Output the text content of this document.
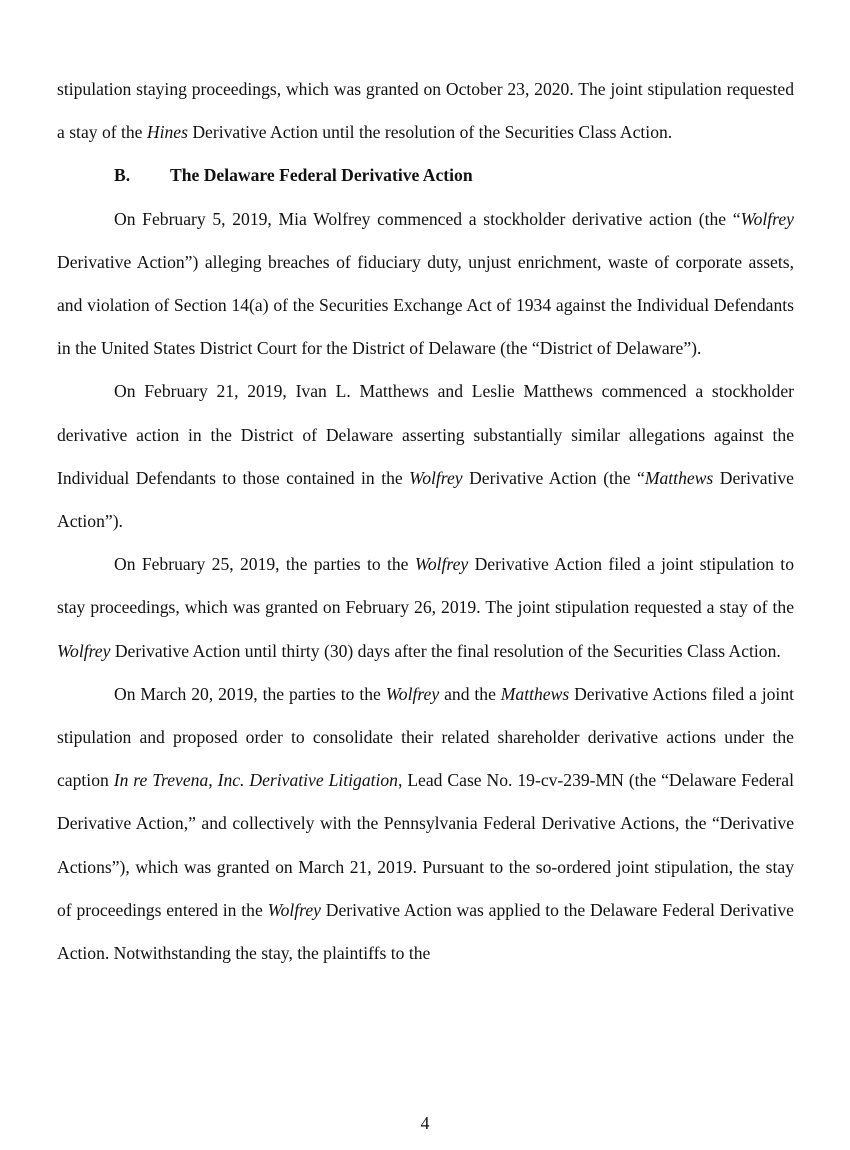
stipulation staying proceedings, which was granted on October 23, 2020. The joint stipulation requested a stay of the Hines Derivative Action until the resolution of the Securities Class Action.

B. The Delaware Federal Derivative Action

On February 5, 2019, Mia Wolfrey commenced a stockholder derivative action (the “Wolfrey Derivative Action”) alleging breaches of fiduciary duty, unjust enrichment, waste of corporate assets, and violation of Section 14(a) of the Securities Exchange Act of 1934 against the Individual Defendants in the United States District Court for the District of Delaware (the “District of Delaware”).

On February 21, 2019, Ivan L. Matthews and Leslie Matthews commenced a stockholder derivative action in the District of Delaware asserting substantially similar allegations against the Individual Defendants to those contained in the Wolfrey Derivative Action (the “Matthews Derivative Action”).

On February 25, 2019, the parties to the Wolfrey Derivative Action filed a joint stipulation to stay proceedings, which was granted on February 26, 2019. The joint stipulation requested a stay of the Wolfrey Derivative Action until thirty (30) days after the final resolution of the Securities Class Action.

On March 20, 2019, the parties to the Wolfrey and the Matthews Derivative Actions filed a joint stipulation and proposed order to consolidate their related shareholder derivative actions under the caption In re Trevena, Inc. Derivative Litigation, Lead Case No. 19-cv-239-MN (the “Delaware Federal Derivative Action,” and collectively with the Pennsylvania Federal Derivative Actions, the “Derivative Actions”), which was granted on March 21, 2019. Pursuant to the so-ordered joint stipulation, the stay of proceedings entered in the Wolfrey Derivative Action was applied to the Delaware Federal Derivative Action. Notwithstanding the stay, the plaintiffs to the

4
